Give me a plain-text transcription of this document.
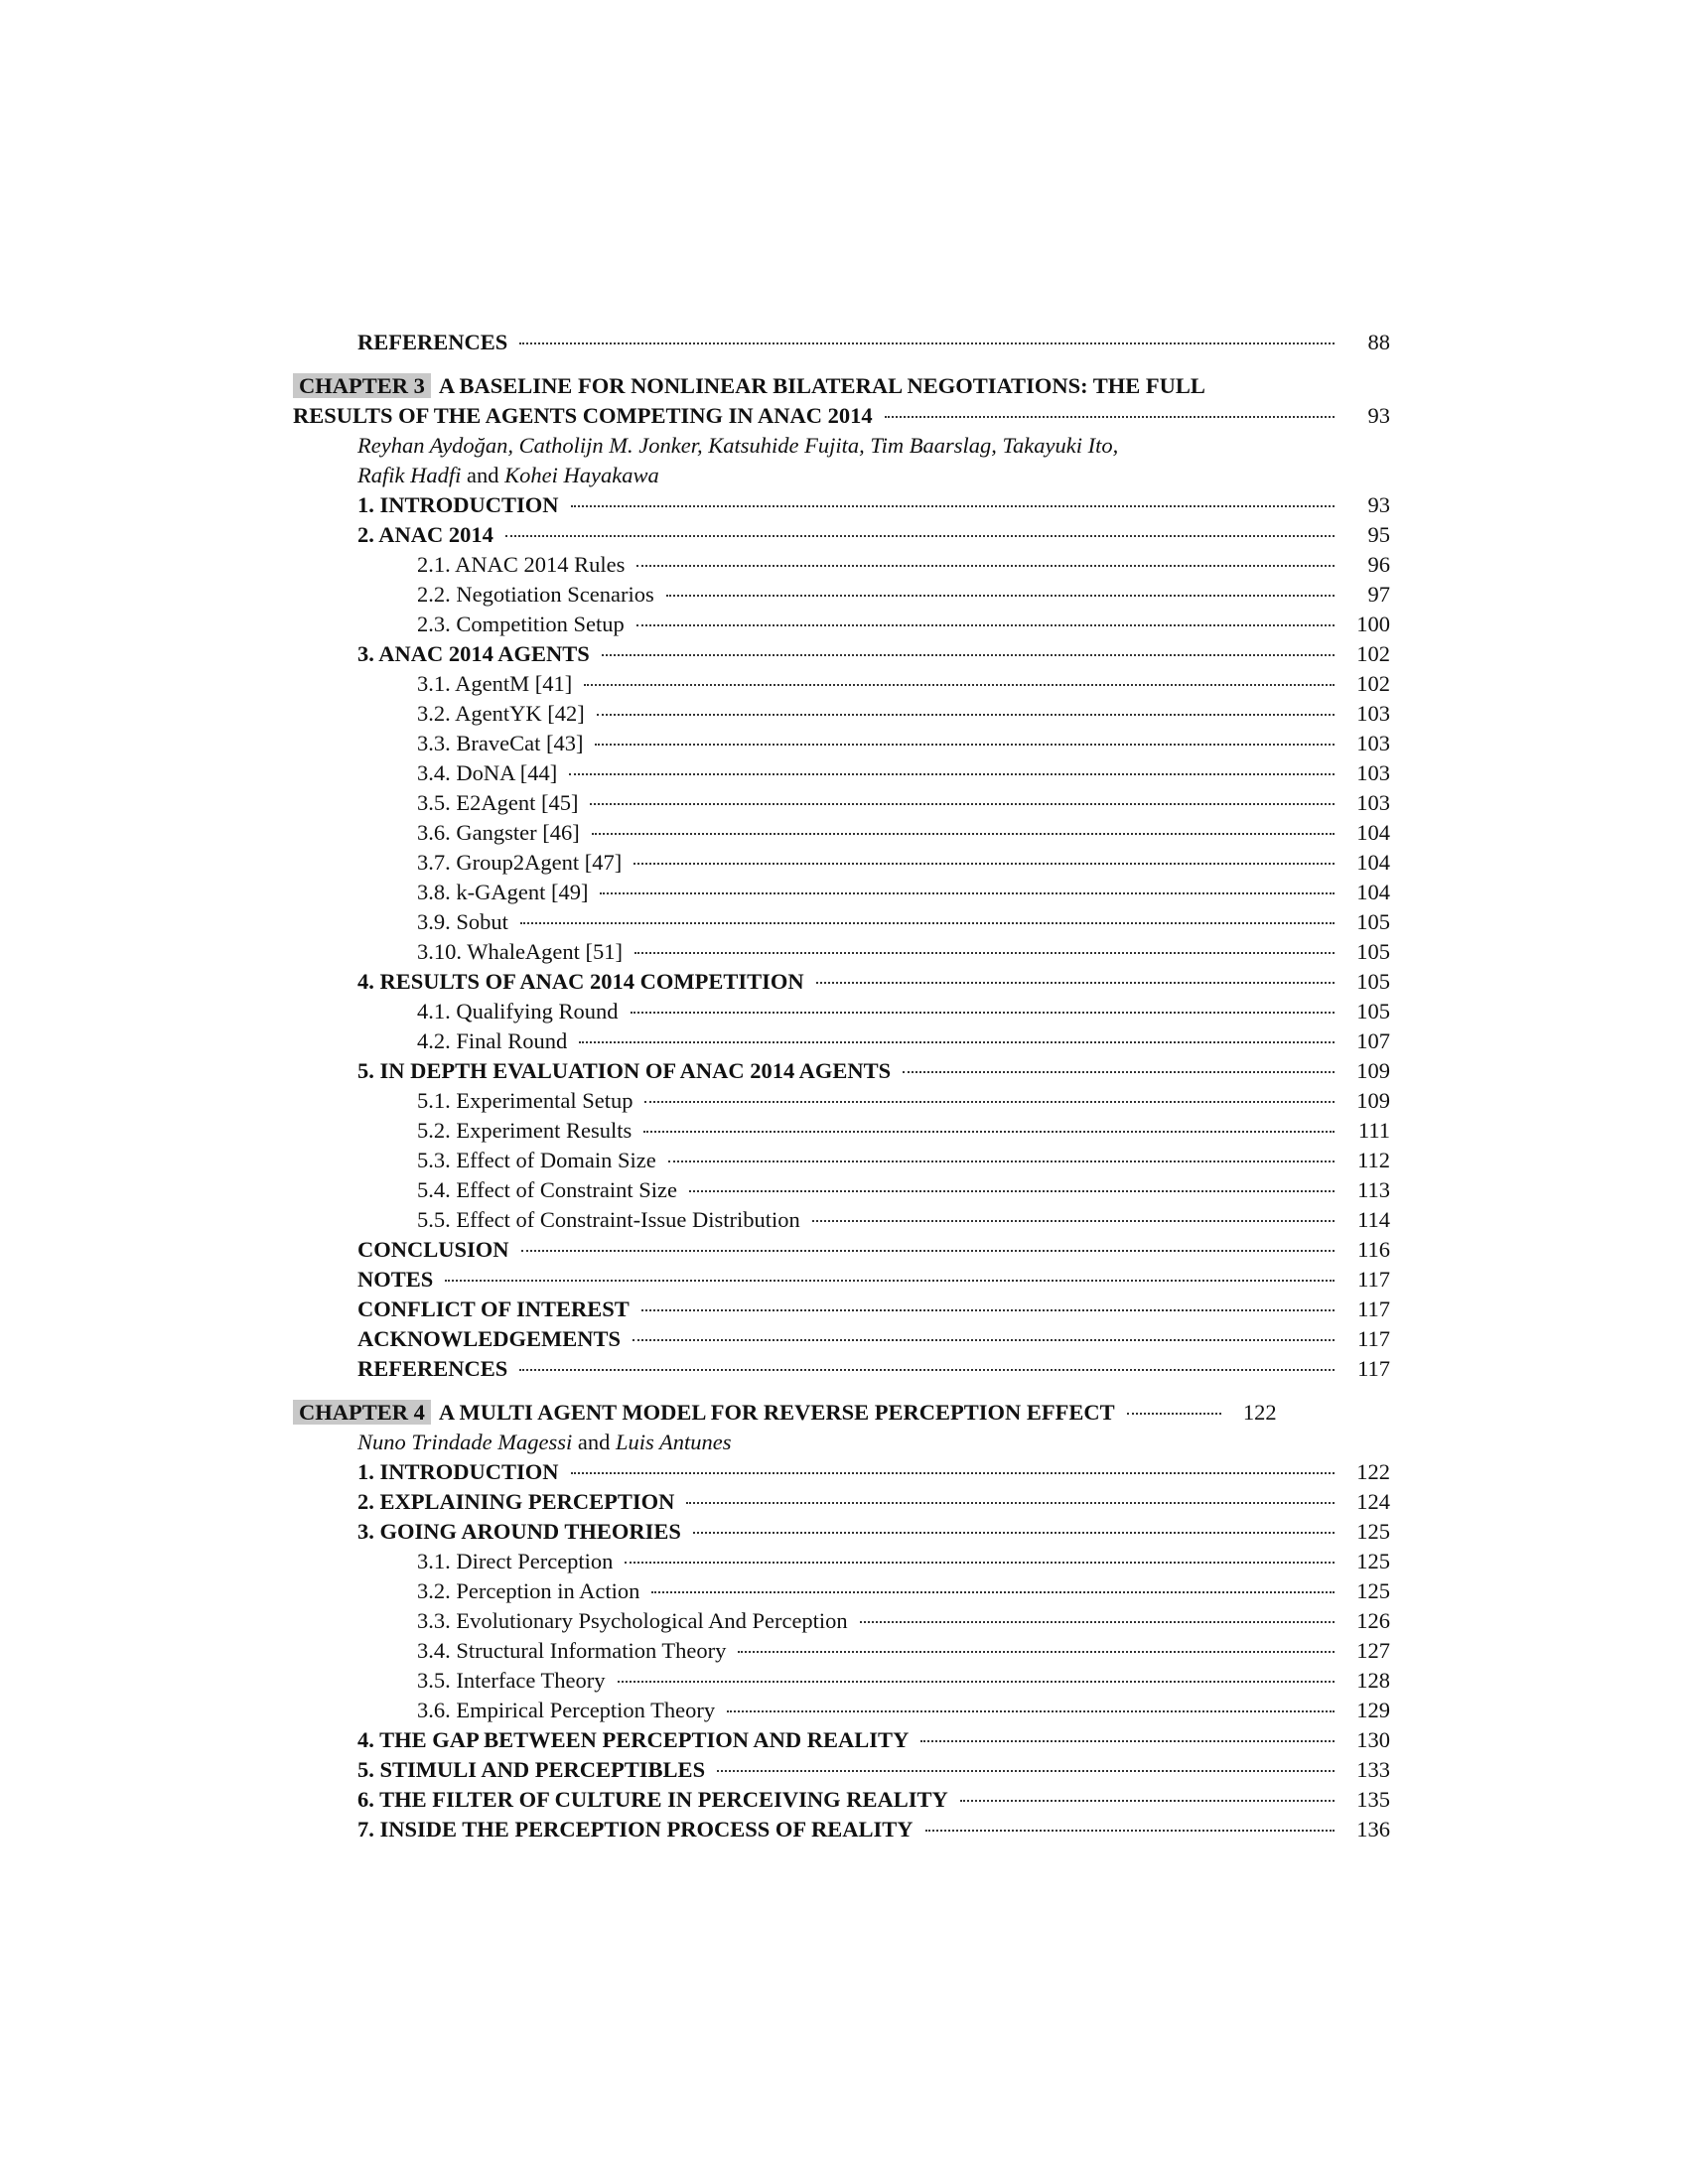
REFERENCES	88
CHAPTER 3 A BASELINE FOR NONLINEAR BILATERAL NEGOTIATIONS: THE FULL
RESULTS OF THE AGENTS COMPETING IN ANAC 2014	93
Reyhan Aydoğan, Catholijn M. Jonker, Katsuhide Fujita, Tim Baarslag, Takayuki Ito,
Rafik Hadfi and Kohei Hayakawa
1. INTRODUCTION	93
2. ANAC 2014	95
2.1. ANAC 2014 Rules	96
2.2. Negotiation Scenarios	97
2.3. Competition Setup	100
3. ANAC 2014 AGENTS	102
3.1. AgentM [41]	102
3.2. AgentYK [42]	103
3.3. BraveCat [43]	103
3.4. DoNA [44]	103
3.5. E2Agent [45]	103
3.6. Gangster [46]	104
3.7. Group2Agent [47]	104
3.8. k-GAgent [49]	104
3.9. Sobut	105
3.10. WhaleAgent [51]	105
4. RESULTS OF ANAC 2014 COMPETITION	105
4.1. Qualifying Round	105
4.2. Final Round	107
5. IN DEPTH EVALUATION OF ANAC 2014 AGENTS	109
5.1. Experimental Setup	109
5.2. Experiment Results	111
5.3. Effect of Domain Size	112
5.4. Effect of Constraint Size	113
5.5. Effect of Constraint-Issue Distribution	114
CONCLUSION	116
NOTES	117
CONFLICT OF INTEREST	117
ACKNOWLEDGEMENTS	117
REFERENCES	117
CHAPTER 4 A MULTI AGENT MODEL FOR REVERSE PERCEPTION EFFECT	122
Nuno Trindade Magessi and Luis Antunes
1. INTRODUCTION	122
2. EXPLAINING PERCEPTION	124
3. GOING AROUND THEORIES	125
3.1. Direct Perception	125
3.2. Perception in Action	125
3.3. Evolutionary Psychological And Perception	126
3.4. Structural Information Theory	127
3.5. Interface Theory	128
3.6. Empirical Perception Theory	129
4. THE GAP BETWEEN PERCEPTION AND REALITY	130
5. STIMULI AND PERCEPTIBLES	133
6. THE FILTER OF CULTURE IN PERCEIVING REALITY	135
7. INSIDE THE PERCEPTION PROCESS OF REALITY	136
